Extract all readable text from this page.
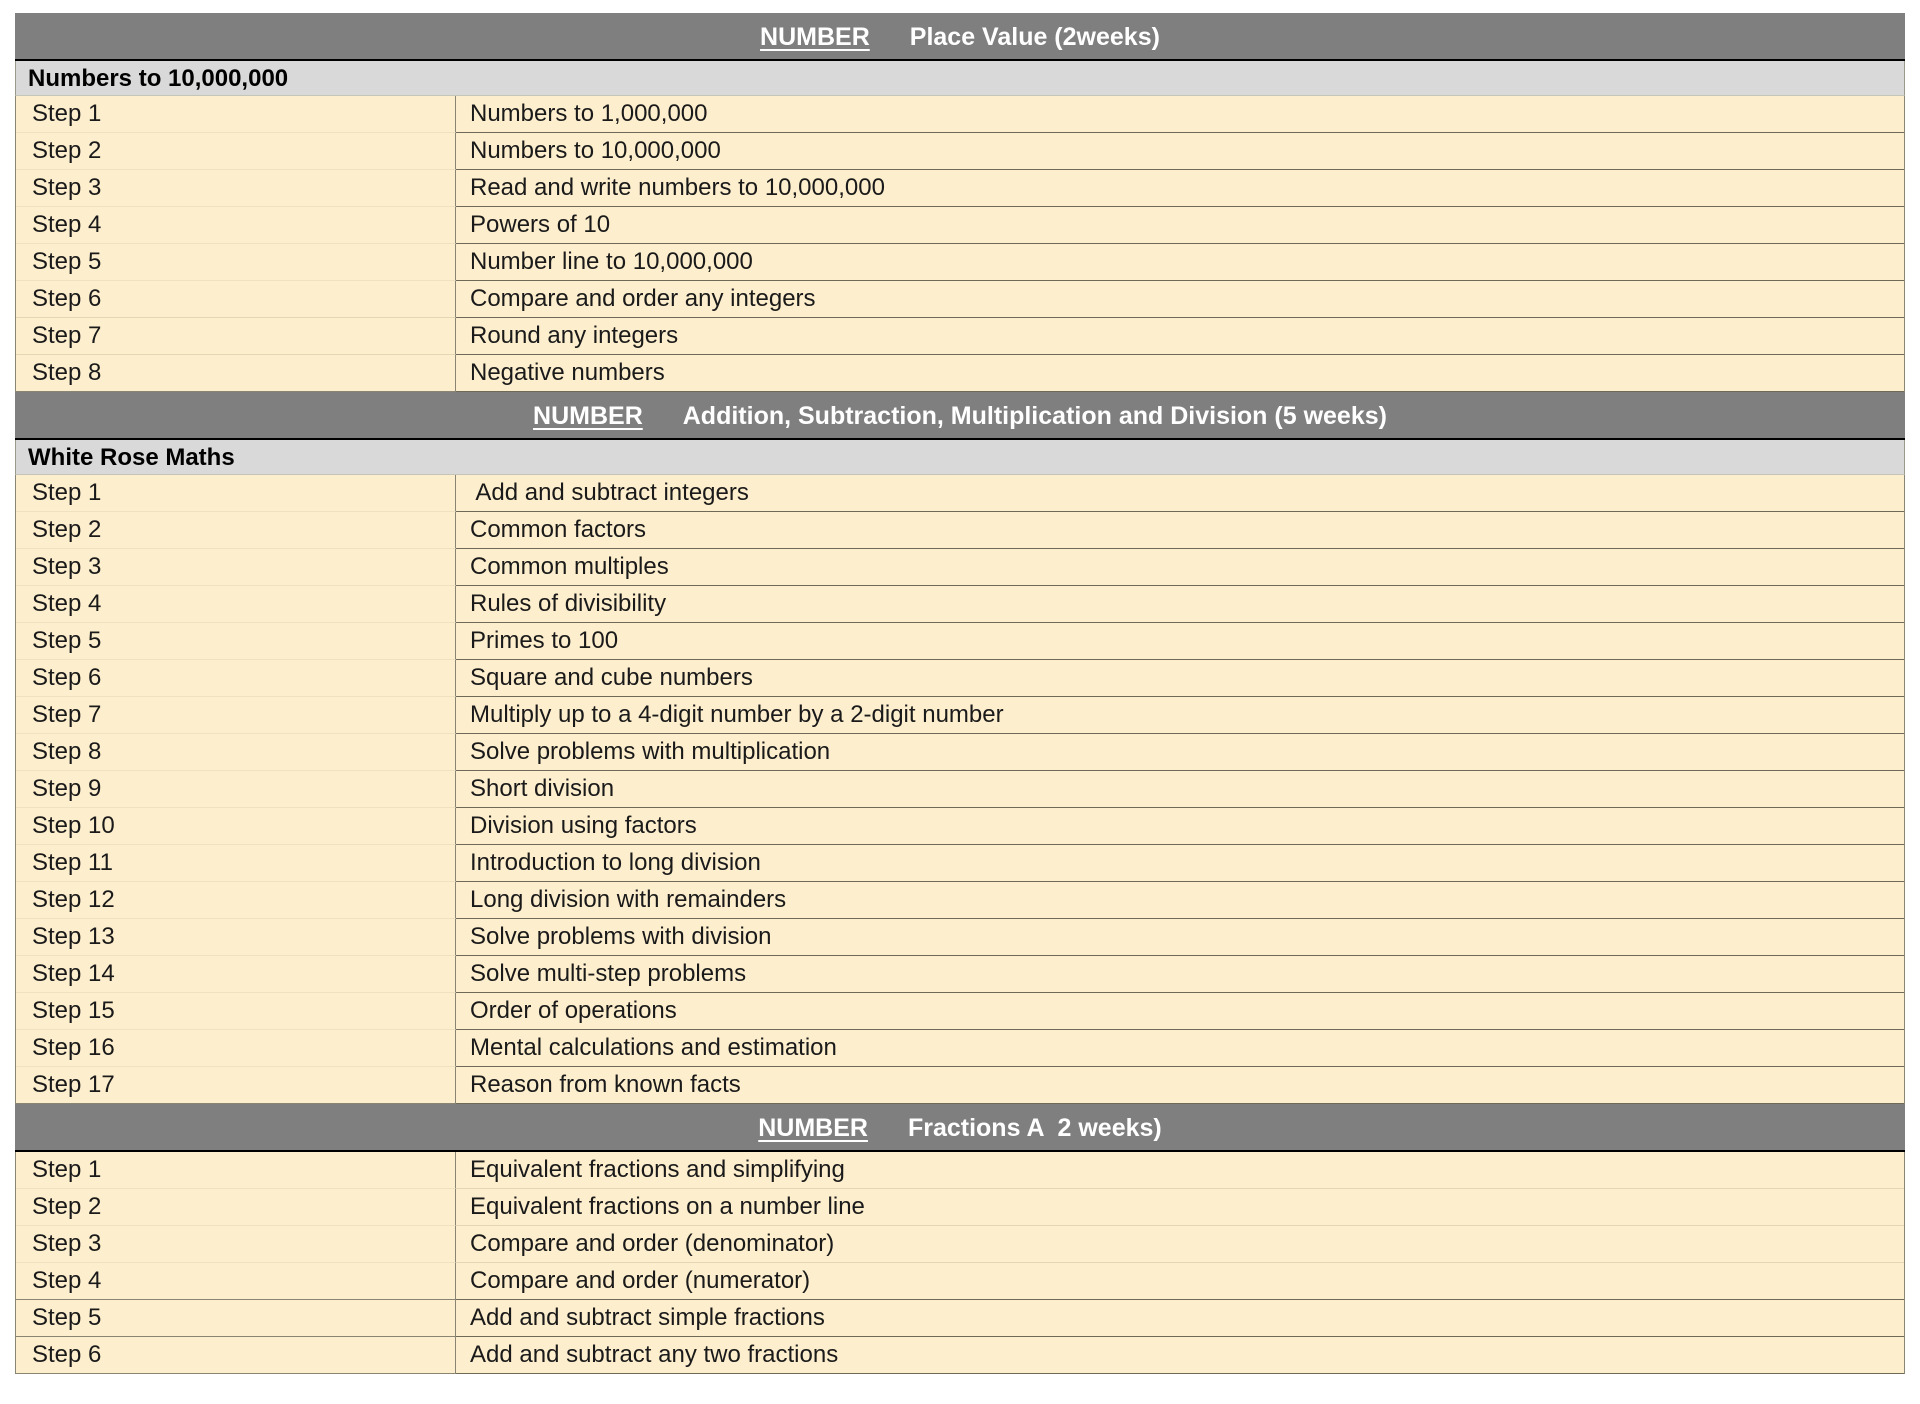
NUMBER Place Value (2weeks)
Numbers to 10,000,000
Step 1	Numbers to 1,000,000
Step 2	Numbers to 10,000,000
Step 3	Read and write numbers to 10,000,000
Step 4	Powers of 10
Step 5	Number line to 10,000,000
Step 6	Compare and order any integers
Step 7	Round any integers
Step 8	Negative numbers
NUMBER Addition, Subtraction, Multiplication and Division (5 weeks)
White Rose Maths
Step 1	Add and subtract integers
Step 2	Common factors
Step 3	Common multiples
Step 4	Rules of divisibility
Step 5	Primes to 100
Step 6	Square and cube numbers
Step 7	Multiply up to a 4-digit number by a 2-digit number
Step 8	Solve problems with multiplication
Step 9	Short division
Step 10	Division using factors
Step 11	Introduction to long division
Step 12	Long division with remainders
Step 13	Solve problems with division
Step 14	Solve multi-step problems
Step 15	Order of operations
Step 16	Mental calculations and estimation
Step 17	Reason from known facts
NUMBER Fractions A  2 weeks)
Step 1	Equivalent fractions and simplifying
Step 2	Equivalent fractions on a number line
Step 3	Compare and order (denominator)
Step 4	Compare and order (numerator)
Step 5	Add and subtract simple fractions
Step 6	Add and subtract any two fractions
